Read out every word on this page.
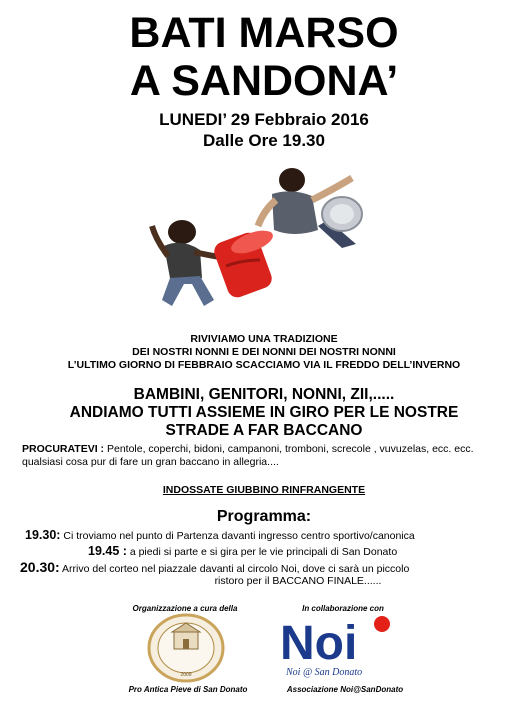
BATI MARSO
A SANDONA’
LUNEDI’ 29 Febbraio 2016
Dalle Ore 19.30
RIVIVIAMO UNA TRADIZIONE
DEI NOSTRI NONNI E DEI NONNI DEI NOSTRI NONNI
L’ULTIMO GIORNO DI FEBBRAIO SCACCIAMO VIA IL FREDDO DELL’INVERNO
BAMBINI, GENITORI, NONNI, ZII,.....
ANDIAMO TUTTI ASSIEME IN GIRO PER LE NOSTRE
STRADE A FAR BACCANO
PROCURATEVI : Pentole, coperchi, bidoni, campanoni, tromboni, screcole , vuvuzelas, ecc. ecc. qualsiasi cosa pur di fare un gran baccano in allegria....
INDOSSATE GIUBBINO RINFRANGENTE
Programma:
19.30: Ci troviamo nel punto di Partenza davanti ingresso centro sportivo/canonica
19.45 : a piedi si parte e si gira per le vie principali di San Donato
20.30: Arrivo del corteo nel piazzale davanti al circolo Noi, dove ci sarà un piccolo
ristoro per il BACCANO FINALE......
Organizzazione a cura della	In collaborazione con
2009
Noi
Noi @ San Donato
Pro Antica Pieve di San Donato	Associazione Noi@SanDonato
